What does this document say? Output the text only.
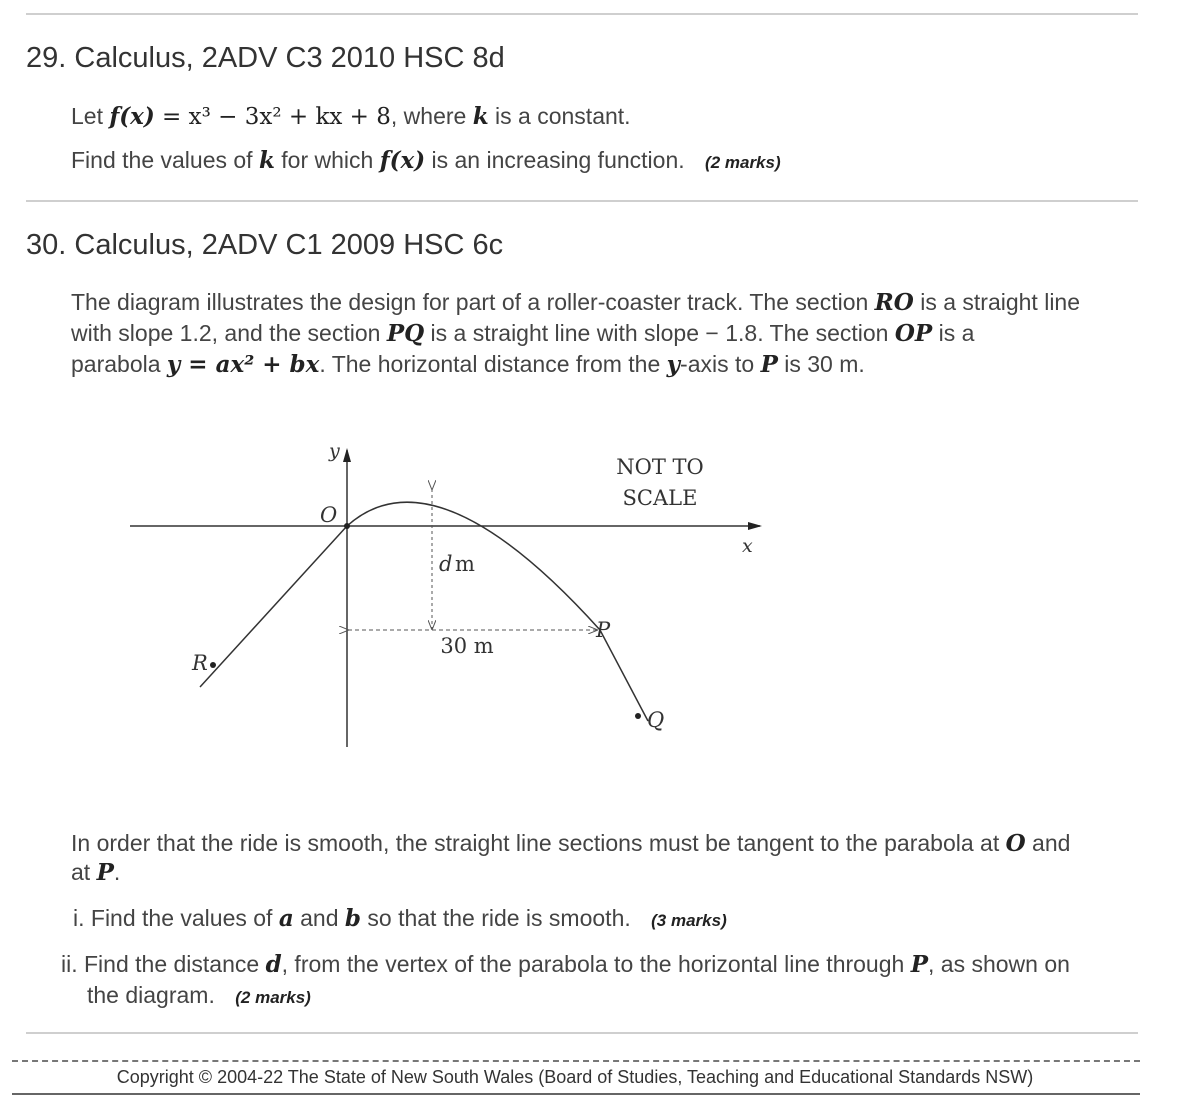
29. Calculus, 2ADV C3 2010 HSC 8d
Let f(x) = x³ − 3x² + kx + 8, where k is a constant.
Find the values of k for which f(x) is an increasing function. (2 marks)
30. Calculus, 2ADV C1 2009 HSC 6c
The diagram illustrates the design for part of a roller-coaster track. The section RO is a straight line
with slope 1.2, and the section PQ is a straight line with slope − 1.8. The section OP is a
parabola y = ax² + bx. The horizontal distance from the y-axis to P is 30 m.
NOT TO
SCALE
y
x
O
R
P
Q
d m
30 m
In order that the ride is smooth, the straight line sections must be tangent to the parabola at O and
at P.
i. Find the values of a and b so that the ride is smooth. (3 marks)
ii. Find the distance d, from the vertex of the parabola to the horizontal line through P, as shown on
the diagram. (2 marks)
Copyright © 2004-22 The State of New South Wales (Board of Studies, Teaching and Educational Standards NSW)
